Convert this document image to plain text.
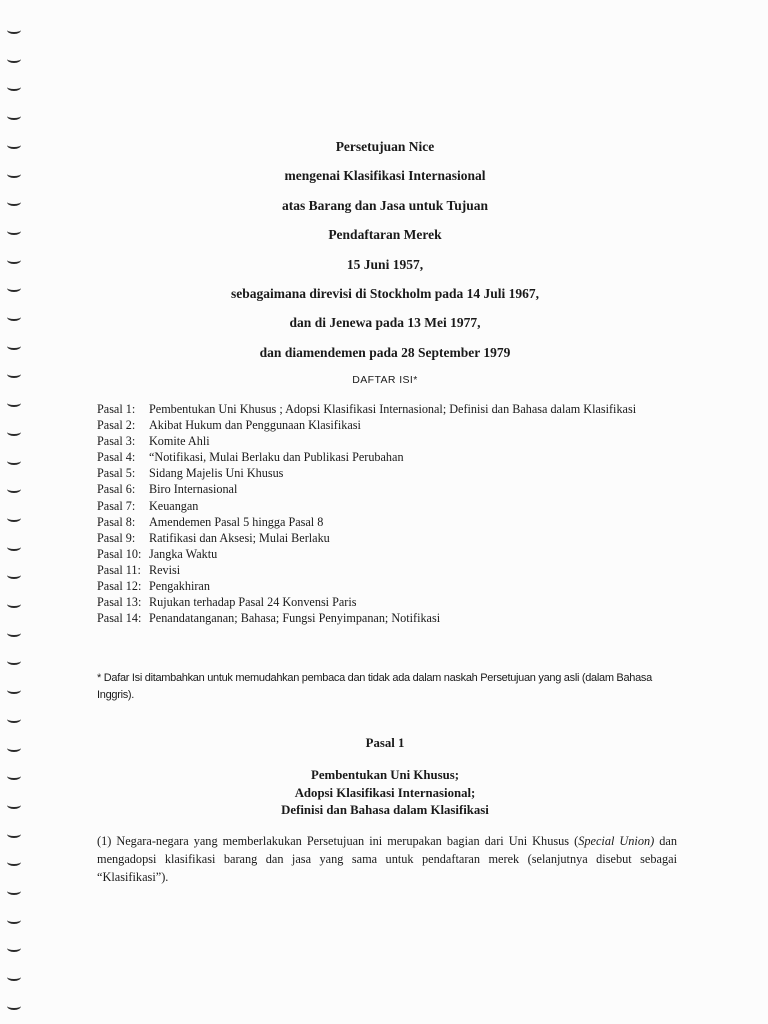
Persetujuan Nice
mengenai Klasifikasi Internasional
atas Barang dan Jasa untuk Tujuan
Pendaftaran Merek
15 Juni 1957,
sebagaimana direvisi di Stockholm pada 14 Juli 1967,
dan di Jenewa pada 13 Mei 1977,
dan diamendemen pada 28 September 1979
DAFTAR ISI*
Pasal 1:	Pembentukan Uni Khusus ; Adopsi Klasifikasi Internasional; Definisi dan Bahasa dalam Klasifikasi
Pasal 2:	Akibat Hukum dan Penggunaan Klasifikasi
Pasal 3:	Komite Ahli
Pasal 4:	“Notifikasi, Mulai Berlaku dan Publikasi Perubahan
Pasal 5:	Sidang Majelis Uni Khusus
Pasal 6:	Biro Internasional
Pasal 7:	Keuangan
Pasal 8:	Amendemen Pasal 5 hingga Pasal 8
Pasal 9:	Ratifikasi dan Aksesi; Mulai Berlaku
Pasal 10: Jangka Waktu
Pasal 11: Revisi
Pasal 12: Pengakhiran
Pasal 13: Rujukan terhadap Pasal 24 Konvensi Paris
Pasal 14: Penandatanganan; Bahasa; Fungsi Penyimpanan; Notifikasi
* Dafar Isi ditambahkan untuk memudahkan pembaca dan tidak ada dalam naskah Persetujuan yang asli (dalam Bahasa Inggris).
Pasal 1
Pembentukan Uni Khusus;
Adopsi Klasifikasi Internasional;
Definisi dan Bahasa dalam Klasifikasi
(1) Negara-negara yang memberlakukan Persetujuan ini merupakan bagian dari Uni Khusus (Special Union) dan mengadopsi klasifikasi barang dan jasa yang sama untuk pendaftaran merek (selanjutnya disebut sebagai “Klasifikasi”).
